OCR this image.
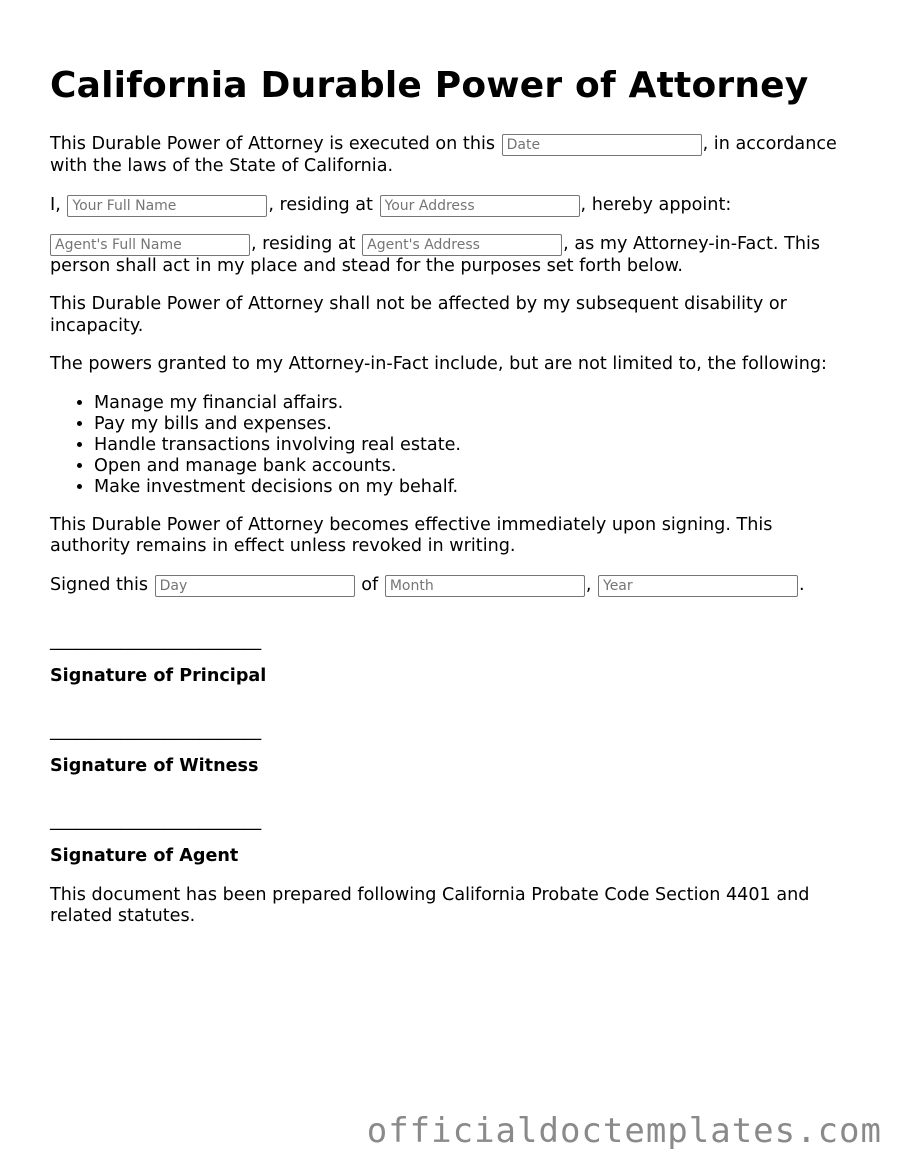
California Durable Power of Attorney

This Durable Power of Attorney is executed on this Date	, in accordance with the laws of the State of California.

I, Your Full Name	, residing at Your Address	, hereby appoint:

Agent's Full Name, residing at Agent's Address	, as my Attorney-in-Fact. This person shall act in my place and stead for the purposes set forth below.

This Durable Power of Attorney shall not be affected by my subsequent disability or incapacity.

The powers granted to my Attorney-in-Fact include, but are not limited to, the following:

• Manage my financial affairs.
• Pay my bills and expenses.
• Handle transactions involving real estate.
• Open and manage bank accounts.
• Make investment decisions on my behalf.

This Durable Power of Attorney becomes effective immediately upon signing. This authority remains in effect unless revoked in writing.

Signed this Day	of Month	, Year	.

________________________
Signature of Principal
________________________
Signature of Witness
________________________
Signature of Agent

This document has been prepared following California Probate Code Section 4401 and related statutes.

officialdoctemplates.com
